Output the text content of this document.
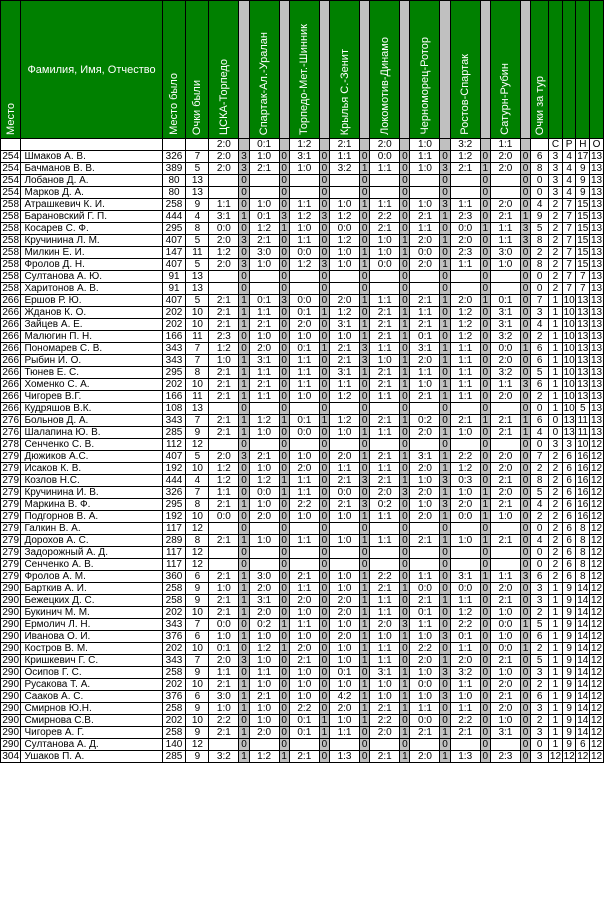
Место	Фамилия, Имя, Отчество	Место было	Очки были	ЦСКА-Торпедо		Спартак-Ал.-Уралан		Торпедо-Мет.-Шинник		Крылья С.-Зенит		Локомотив-Динамо		Черноморец-Ротор		Ростов-Спартак		Сатурн-Рубин		Очки за тур				
				2:0		0:1		1:2		2:1		2:0		1:0		3:2		1:1			С	Р	Н	О
254	Шмаков А. В.	326	7	2:0	3	1:0	0	3:1	0	1:1	0	0:0	0	1:1	0	1:2	0	2:0	0	6	3	4	17	13
254	Бачманов В. В.	389	5	2:0	3	2:1	0	1:0	0	3:2	1	1:1	0	1:0	3	2:1	1	2:0	0	8	3	4	9	13
254	Лобанов Д. А.	80	13		0		0		0		0		0		0		0		0	0	3	4	9	13
254	Марков Д. А.	80	13		0		0		0		0		0		0		0		0	0	3	4	9	13
258	Атрашкевич К. И.	258	9	1:1	0	1:0	0	1:1	0	1:0	1	1:1	0	1:0	3	1:1	0	2:0	0	4	2	7	15	13
258	Барановский Г. П.	444	4	3:1	1	0:1	3	1:2	3	1:2	0	2:2	0	2:1	1	2:3	0	2:1	1	9	2	7	15	13
258	Косарев С. Ф.	295	8	0:0	0	1:2	1	1:0	0	0:0	0	2:1	0	1:1	0	0:0	1	1:1	3	5	2	7	15	13
258	Кручинина Л. М.	407	5	2:0	3	2:1	0	1:1	0	1:2	0	1:0	1	2:0	1	2:0	0	1:1	3	8	2	7	15	13
258	Милкин Е. И.	147	11	1:2	0	3:0	0	0:0	0	1:0	1	1:0	1	0:0	0	2:3	0	3:0	0	2	2	7	15	13
258	Фролов Д. Н.	407	5	2:0	3	1:0	0	1:2	3	1:0	1	0:0	0	2:0	1	1:1	0	1:0	0	8	2	7	15	13
258	Султанова А. Ю.	91	13		0		0		0		0		0		0		0		0	0	2	7	7	13
258	Харитонов А. В.	91	13		0		0		0		0		0		0		0		0	0	2	7	7	13
266	Ершов Р. Ю.	407	5	2:1	1	0:1	3	0:0	0	2:0	1	1:1	0	2:1	1	2:0	1	0:1	0	7	1	10	13	13
266	Жданов К. О.	202	10	2:1	1	1:1	0	0:1	1	1:2	0	2:1	1	1:1	0	1:2	0	3:1	0	3	1	10	13	13
266	Зайцев А. Е.	202	10	2:1	1	2:1	0	2:0	0	3:1	1	2:1	1	2:1	1	1:2	0	3:1	0	4	1	10	13	13
266	Малюгин П. Н.	166	11	2:3	0	1:0	0	1:0	0	1:0	1	2:1	1	0:1	0	1:2	0	3:2	0	2	1	10	13	13
266	Пономарев С. В.	343	7	1:2	0	2:0	0	0:1	1	2:1	3	1:1	0	3:1	1	1:1	0	0:0	1	6	1	10	13	13
266	Рыбин И. О.	343	7	1:0	1	3:1	0	1:1	0	2:1	3	1:0	1	2:0	1	1:1	0	2:0	0	6	1	10	13	13
266	Тюнев Е. С.	295	8	2:1	1	1:1	0	1:1	0	3:1	1	2:1	1	1:1	0	1:1	0	3:2	0	5	1	10	13	13
266	Хоменко С. А.	202	10	2:1	1	2:1	0	1:1	0	1:1	0	2:1	1	1:0	1	1:1	0	1:1	3	6	1	10	13	13
266	Чигорев В.Г.	166	11	2:1	1	1:1	0	1:0	0	1:2	0	1:1	0	2:1	1	1:1	0	2:0	0	2	1	10	13	13
266	Кудряшов В.К.	108	13		0		0		0		0		0		0		0		0	0	1	10	5	13
276	Больнов Д. А.	343	7	2:1	1	1:2	1	0:1	1	1:2	0	2:1	1	0:2	0	2:1	1	2:1	1	6	0	13	11	13
276	Шалапина Ю. В.	285	9	2:1	1	1:0	0	0:0	0	1:0	1	1:1	0	2:0	1	1:0	0	2:1	1	4	0	13	11	13
278	Сенченко С. В.	112	12		0		0		0		0		0		0		0		0	0	3	3	10	12
279	Дюжиков А.С.	407	5	2:0	3	2:1	0	1:0	0	2:0	1	2:1	1	3:1	1	2:2	0	2:0	0	7	2	6	16	12
279	Исаков К. В.	192	10	1:2	0	1:0	0	2:0	0	1:1	0	1:1	0	2:0	1	1:2	0	2:0	0	2	2	6	16	12
279	Козлов Н.С.	444	4	1:2	0	1:2	1	1:1	0	2:1	3	2:1	1	1:0	3	0:3	0	2:1	0	8	2	6	16	12
279	Кручинина И. В.	326	7	1:1	0	0:0	1	1:1	0	0:0	0	2:0	3	2:0	1	1:0	1	2:0	0	5	2	6	16	12
279	Маркина В. Ф.	295	8	2:1	1	1:0	0	2:2	0	2:1	3	0:2	0	1:0	3	2:0	1	2:1	0	4	2	6	16	12
279	Подгорнов В. А.	192	10	0:0	0	2:0	0	1:0	0	1:0	1	1:1	0	2:0	1	0:0	1	1:0	0	2	2	6	16	12
279	Галкин В. А.	117	12		0		0		0		0		0		0		0		0	0	2	6	8	12
279	Дорохов А. С.	289	8	2:1	1	1:0	0	1:1	0	1:0	1	1:1	0	2:1	1	1:0	1	2:1	0	4	2	6	8	12
279	Задорожный А. Д.	117	12		0		0		0		0		0		0		0		0	0	2	6	8	12
279	Сенченко А. В.	117	12		0		0		0		0		0		0		0		0	0	2	6	8	12
279	Фролов А. М.	360	6	2:1	1	3:0	0	2:1	0	1:0	1	2:2	0	1:1	0	3:1	1	1:1	3	6	2	6	8	12
290	Барткив А. И.	258	9	1:0	1	2:0	0	1:1	0	1:0	1	2:1	1	0:0	0	0:0	0	2:0	0	3	1	9	14	12
290	Бежецких Д. С.	258	9	2:1	1	3:1	0	2:0	0	2:0	1	1:1	0	2:1	1	1:1	0	2:1	0	3	1	9	14	12
290	Букинич М. М.	202	10	2:1	1	2:0	0	1:0	0	2:0	1	1:1	0	0:1	0	1:2	0	1:0	0	2	1	9	14	12
290	Ермолич Л. Н.	343	7	0:0	0	0:2	1	1:1	0	1:0	1	2:0	3	1:1	0	2:2	0	0:0	1	5	1	9	14	12
290	Иванова О. И.	376	6	1:0	1	1:0	0	1:0	0	2:0	1	1:0	1	1:0	3	0:1	0	1:0	0	6	1	9	14	12
290	Костров В. М.	202	10	0:1	0	1:2	1	2:0	0	1:0	1	1:1	0	2:2	0	1:1	0	0:0	1	2	1	9	14	12
290	Кришкевич Г. С.	343	7	2:0	3	1:0	0	2:1	0	1:0	1	1:1	0	2:0	1	2:0	0	2:1	0	5	1	9	14	12
290	Осипов Г. С.	258	9	1:1	0	1:1	0	1:0	0	0:1	0	3:1	1	1:0	3	3:2	0	1:0	0	3	1	9	14	12
290	Русакова Т. А.	202	10	2:1	1	1:0	0	1:0	0	1:0	1	1:0	1	0:0	0	1:1	0	2:0	0	2	1	9	14	12
290	Сааков А. С.	376	6	3:0	1	2:1	0	1:0	0	4:2	1	1:0	1	1:0	3	1:0	0	2:1	0	6	1	9	14	12
290	Смирнов Ю.Н.	258	9	1:0	1	1:0	0	2:2	0	2:0	1	2:1	1	1:1	0	1:1	0	2:0	0	3	1	9	14	12
290	Смирнова С.В.	202	10	2:2	0	1:0	0	0:1	1	1:0	1	2:2	0	0:0	0	2:2	0	1:0	0	2	1	9	14	12
290	Чигорев А. Г.	258	9	2:1	1	2:0	0	0:1	1	1:1	0	2:0	1	2:1	1	2:1	0	3:1	0	3	1	9	14	12
290	Султанова А. Д.	140	12		0		0		0		0		0		0		0		0	0	1	9	6	12
304	Ушаков П. А.	285	9	3:2	1	1:2	1	2:1	0	1:3	0	2:1	1	2:0	1	1:3	0	2:3	0	3	12	12	12	12
